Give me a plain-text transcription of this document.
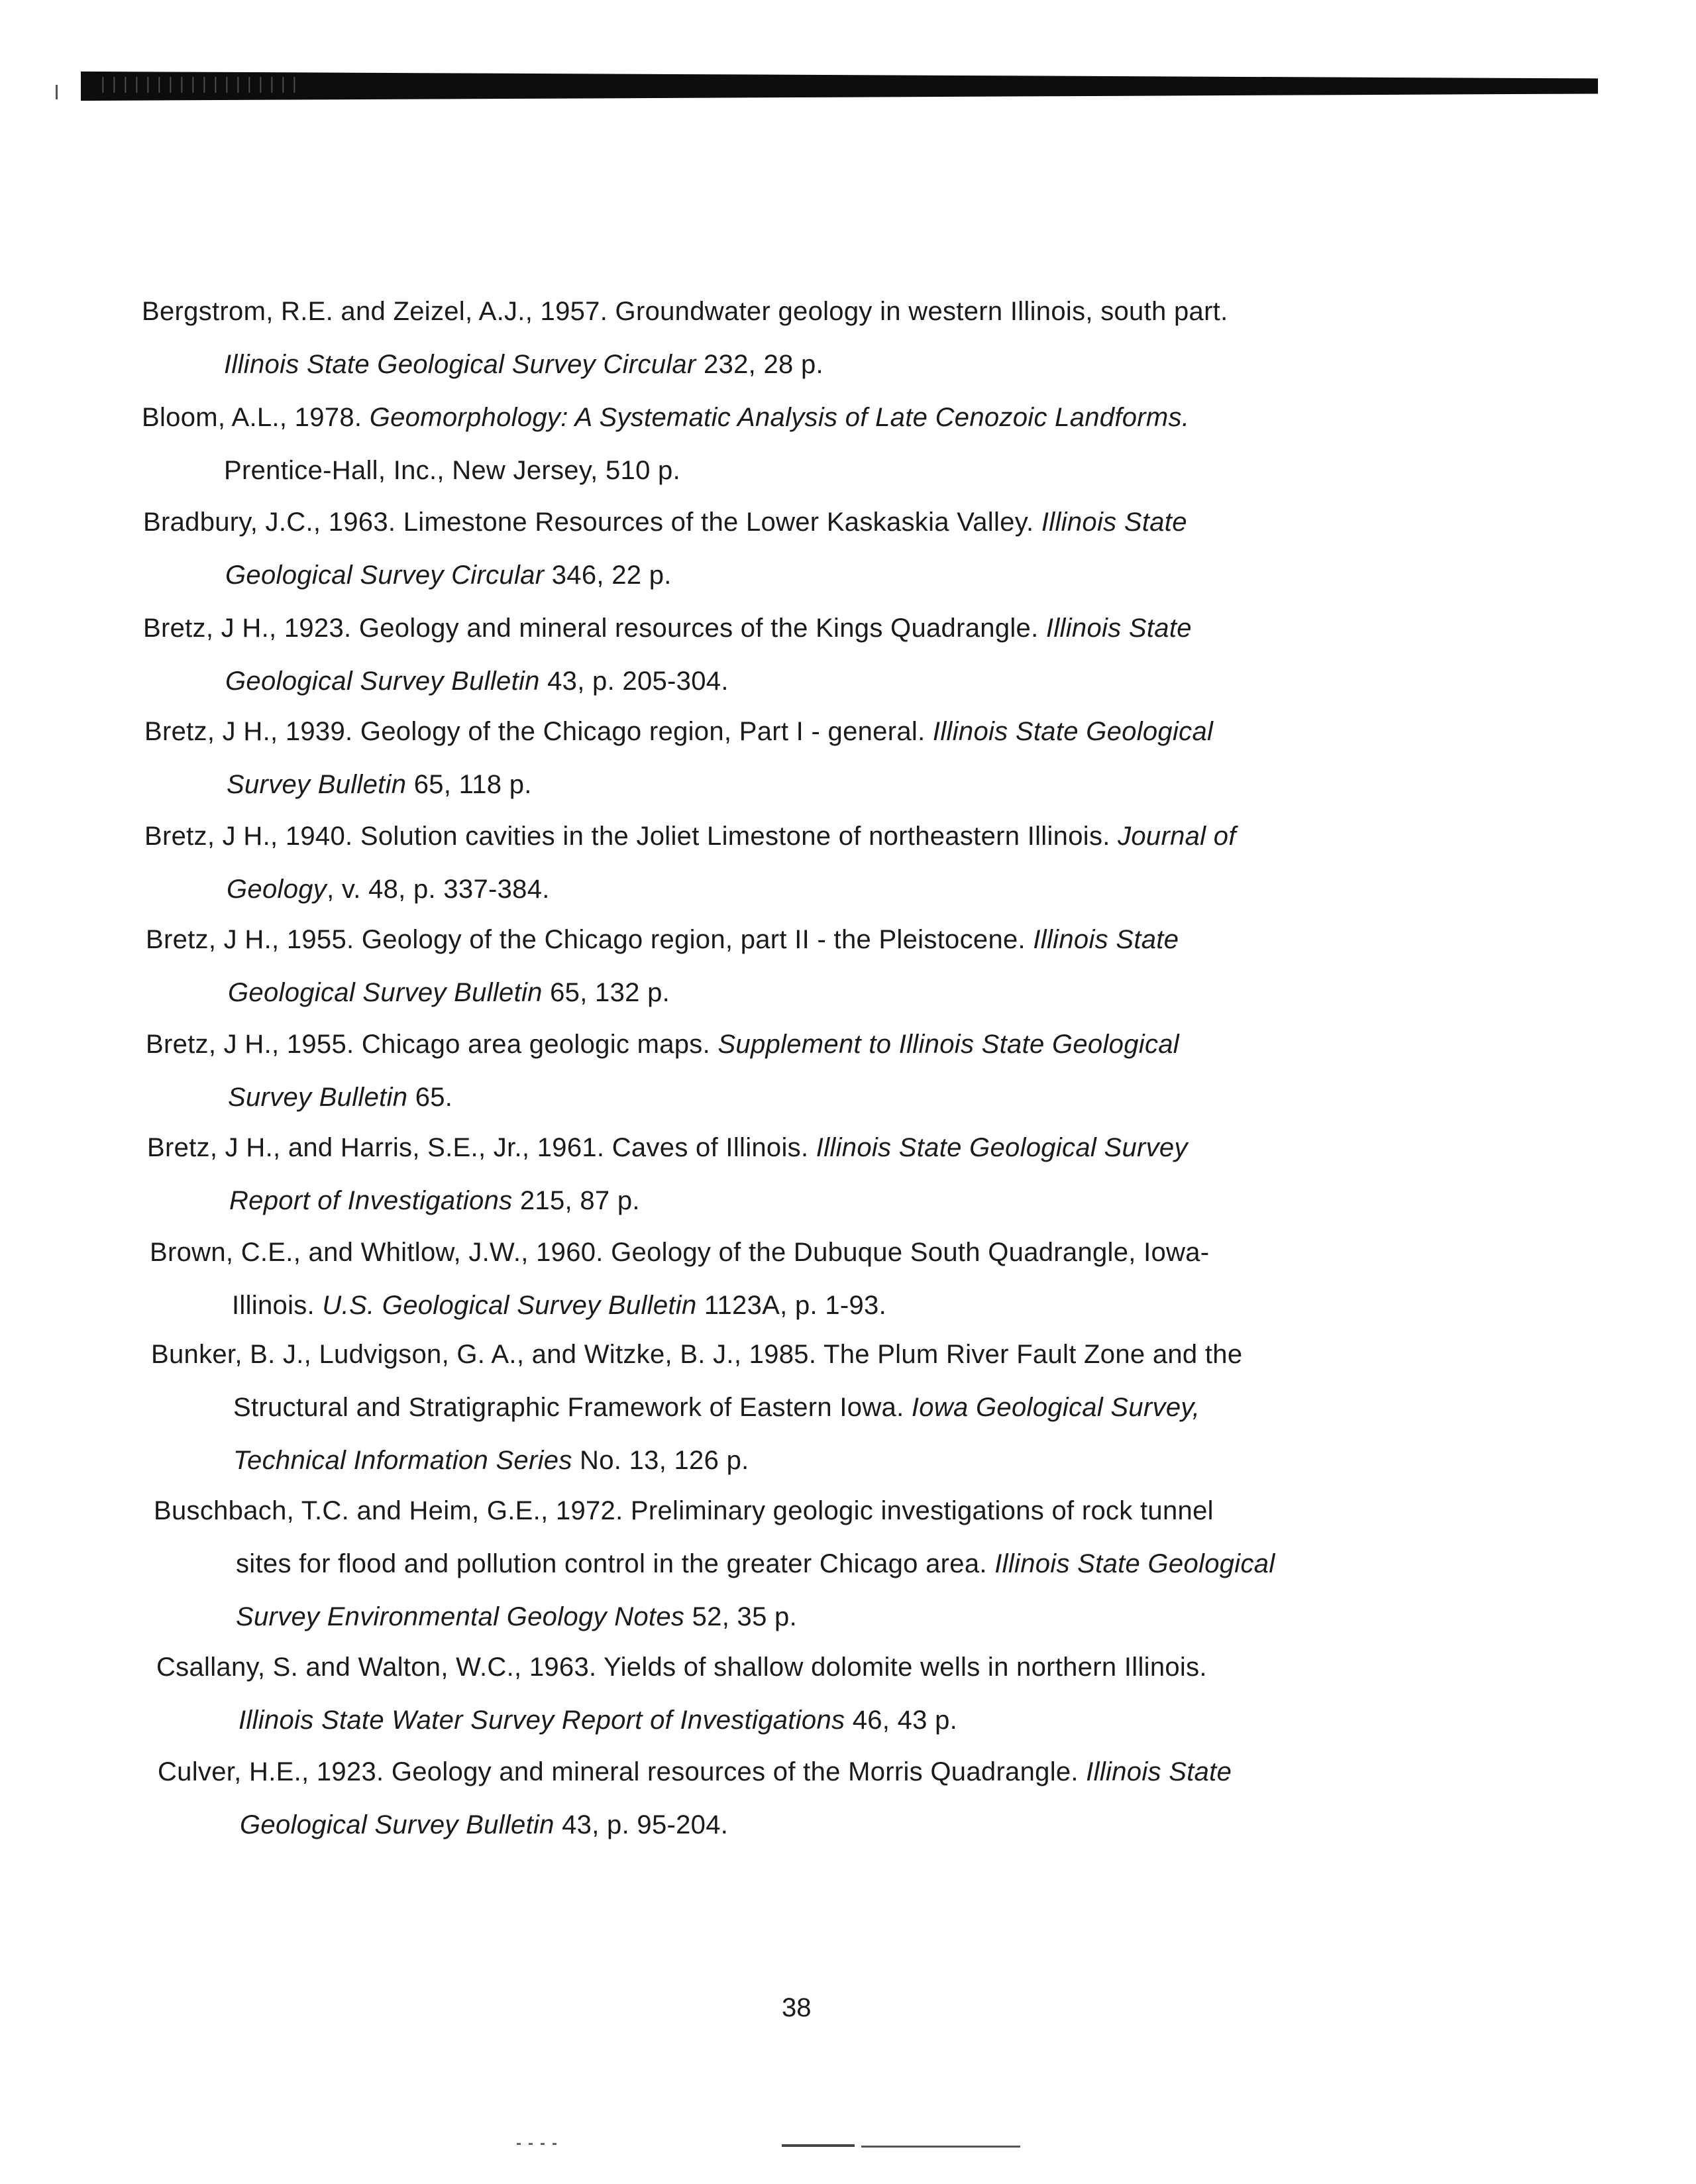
Bergstrom, R.E. and Zeizel, A.J., 1957. Groundwater geology in western Illinois, south part.
Illinois State Geological Survey Circular 232, 28 p.
Bloom, A.L., 1978. Geomorphology: A Systematic Analysis of Late Cenozoic Landforms.
Prentice-Hall, Inc., New Jersey, 510 p.
Bradbury, J.C., 1963. Limestone Resources of the Lower Kaskaskia Valley. Illinois State
Geological Survey Circular 346, 22 p.
Bretz, J H., 1923. Geology and mineral resources of the Kings Quadrangle. Illinois State
Geological Survey Bulletin 43, p. 205-304.
Bretz, J H., 1939. Geology of the Chicago region, Part I - general. Illinois State Geological
Survey Bulletin 65, 118 p.
Bretz, J H., 1940. Solution cavities in the Joliet Limestone of northeastern Illinois. Journal of
Geology, v. 48, p. 337-384.
Bretz, J H., 1955. Geology of the Chicago region, part II - the Pleistocene. Illinois State
Geological Survey Bulletin 65, 132 p.
Bretz, J H., 1955. Chicago area geologic maps. Supplement to Illinois State Geological
Survey Bulletin 65.
Bretz, J H., and Harris, S.E., Jr., 1961. Caves of Illinois. Illinois State Geological Survey
Report of Investigations 215, 87 p.
Brown, C.E., and Whitlow, J.W., 1960. Geology of the Dubuque South Quadrangle, Iowa-
Illinois. U.S. Geological Survey Bulletin 1123A, p. 1-93.
Bunker, B. J., Ludvigson, G. A., and Witzke, B. J., 1985. The Plum River Fault Zone and the
Structural and Stratigraphic Framework of Eastern Iowa. Iowa Geological Survey,
Technical Information Series No. 13, 126 p.
Buschbach, T.C. and Heim, G.E., 1972. Preliminary geologic investigations of rock tunnel
sites for flood and pollution control in the greater Chicago area. Illinois State Geological
Survey Environmental Geology Notes 52, 35 p.
Csallany, S. and Walton, W.C., 1963. Yields of shallow dolomite wells in northern Illinois.
Illinois State Water Survey Report of Investigations 46, 43 p.
Culver, H.E., 1923. Geology and mineral resources of the Morris Quadrangle. Illinois State
Geological Survey Bulletin 43, p. 95-204.
38
